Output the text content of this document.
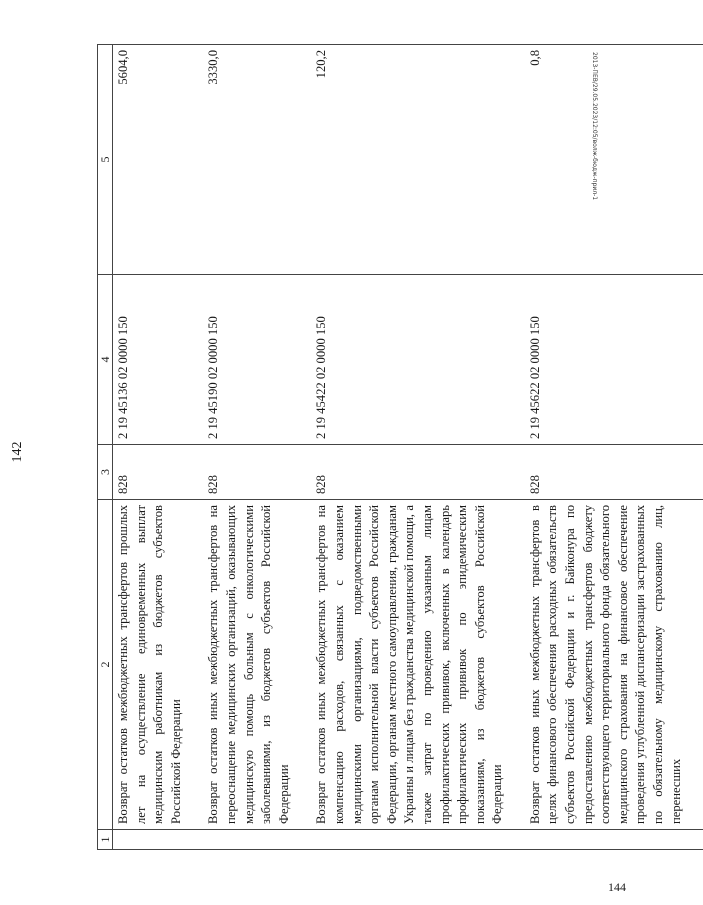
142
2013-ПЕВ/29.05.2023/12:05/волж-бюдж-прил-1
1	2	3	4	5
	Возврат остатков межбюджетных трансфертов прошлых лет на осуществление единовременных выплат медицинским работникам из бюджетов субъектов Российской Федерации	828	2 19 45136 02 0000 150	5604,0
	Возврат остатков иных межбюджетных трансфертов на переоснащение медицинских организаций, оказывающих медицинскую помощь больным с онкологическими заболеваниями, из бюджетов субъектов Российской Федерации	828	2 19 45190 02 0000 150	3330,0
	Возврат остатков иных межбюджетных трансфертов на компенсацию расходов, связанных с оказанием медицинскими организациями, подведомственными органам исполнительной власти субъектов Российской Федерации, органам местного самоуправления, гражданам Украины и лицам без гражданства медицинской помощи, а также затрат по проведению указанным лицам профилактических прививок, включенных в календарь профилактических прививок по эпидемическим показаниям, из бюджетов субъектов Российской Федерации	828	2 19 45422 02 0000 150	120,2
	Возврат остатков иных межбюджетных трансфертов в целях финансового обеспечения расходных обязательств субъектов Российской Федерации и г. Байконура по предоставлению межбюджетных трансфертов бюджету соответствующего территориального фонда обязательного медицинского страхования на финансовое обеспечение проведения углубленной диспансеризации застрахованных по обязательному медицинскому страхованию лиц, перенесших	828	2 19 45622 02 0000 150	0,8
144
